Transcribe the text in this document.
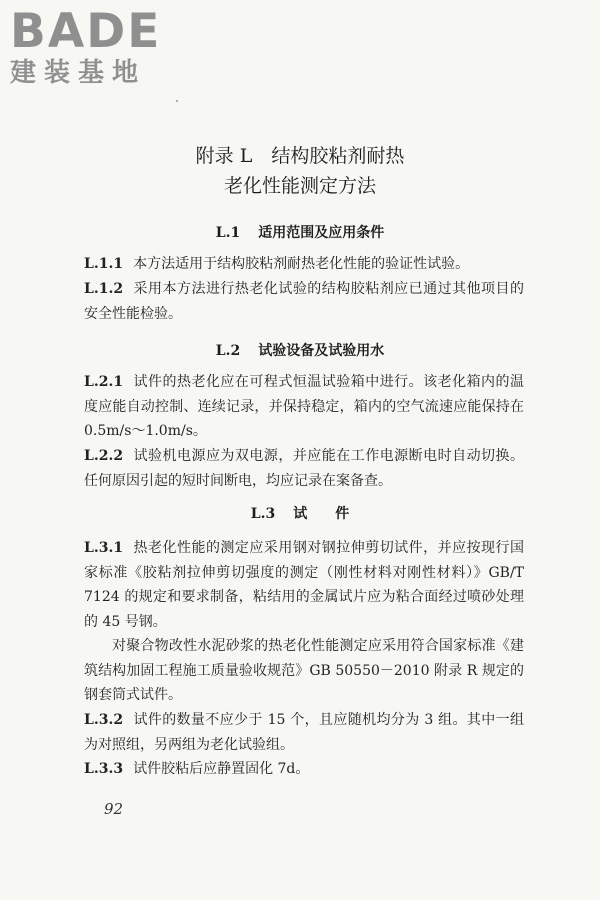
BADE
建装基地
附录 L　结构胶粘剂耐热
老化性能测定方法
L.1 适用范围及应用条件
L.1.1 本方法适用于结构胶粘剂耐热老化性能的验证性试验。
L.1.2 采用本方法进行热老化试验的结构胶粘剂应已通过其他项目的安全性能检验。
L.2 试验设备及试验用水
L.2.1 试件的热老化应在可程式恒温试验箱中进行。该老化箱内的温度应能自动控制、连续记录，并保持稳定，箱内的空气流速应能保持在 0.5m/s～1.0m/s。
L.2.2 试验机电源应为双电源，并应能在工作电源断电时自动切换。任何原因引起的短时间断电，均应记录在案备查。
L.3 试　　件
L.3.1 热老化性能的测定应采用钢对钢拉伸剪切试件，并应按现行国家标准《胶粘剂拉伸剪切强度的测定（刚性材料对刚性材料）》GB/T 7124 的规定和要求制备，粘结用的金属试片应为粘合面经过喷砂处理的 45 号钢。
对聚合物改性水泥砂浆的热老化性能测定应采用符合国家标准《建筑结构加固工程施工质量验收规范》GB 50550－2010 附录 R 规定的钢套筒式试件。
L.3.2 试件的数量不应少于 15 个，且应随机均分为 3 组。其中一组为对照组，另两组为老化试验组。
L.3.3 试件胶粘后应静置固化 7d。
92
